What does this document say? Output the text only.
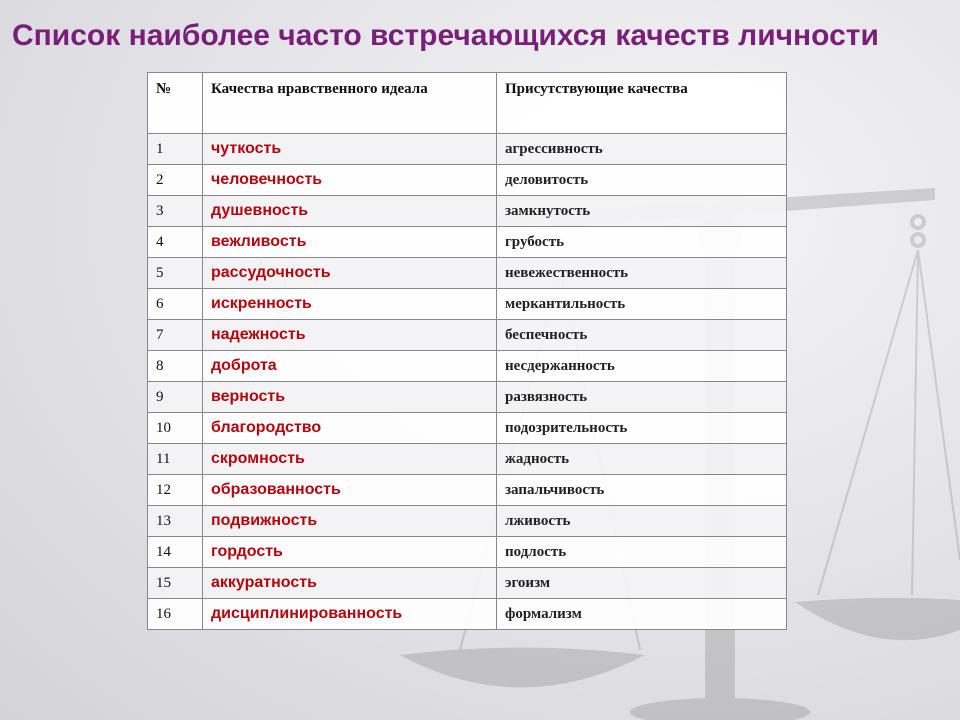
Список наиболее часто встречающихся качеств личности
№	Качества нравственного идеала	Присутствующие качества
1	чуткость	агрессивность
2	человечность	деловитость
3	душевность	замкнутость
4	вежливость	грубость
5	рассудочность	невежественность
6	искренность	меркантильность
7	надежность	беспечность
8	доброта	несдержанность
9	верность	развязность
10	благородство	подозрительность
11	скромность	жадность
12	образованность	запальчивость
13	подвижность	лживость
14	гордость	подлость
15	аккуратность	эгоизм
16	дисциплинированность	формализм
